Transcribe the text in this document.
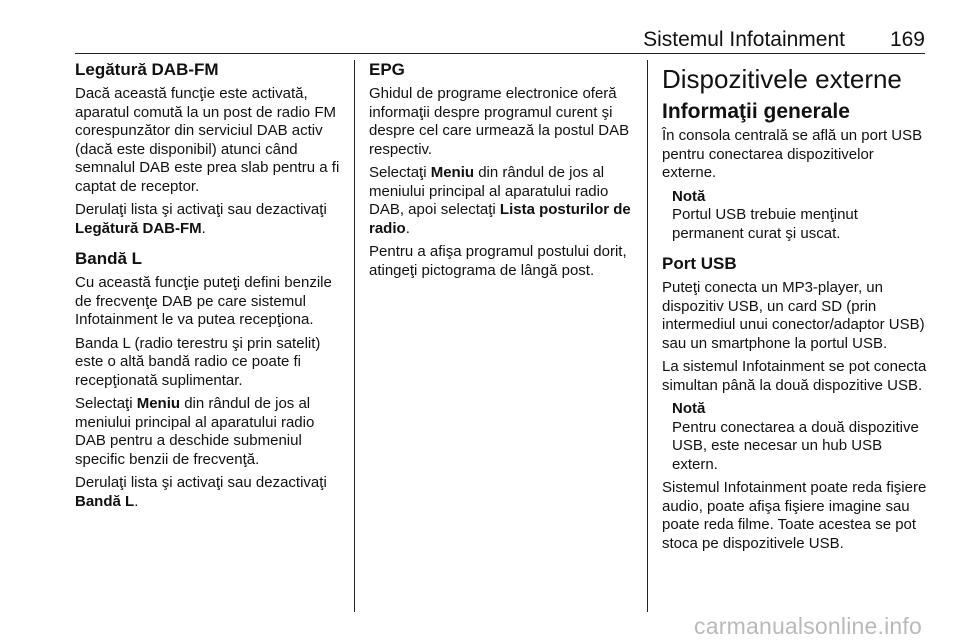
Sistemul Infotainment 169
Legătură DAB-FM

Dacă această funcţie este activată, aparatul comută la un post de radio FM corespunzător din serviciul DAB activ (dacă este disponibil) atunci când semnalul DAB este prea slab pentru a fi captat de receptor.

Derulaţi lista şi activaţi sau dezactivaţi Legătură DAB-FM.

Bandă L

Cu această funcţie puteţi defini benzile de frecvenţe DAB pe care sistemul Infotainment le va putea recepţiona.

Banda L (radio terestru şi prin satelit) este o altă bandă radio ce poate fi recepţionată suplimentar.

Selectaţi Meniu din rândul de jos al meniului principal al aparatului radio DAB pentru a deschide submeniul specific benzii de frecvenţă.

Derulaţi lista şi activaţi sau dezactivaţi Bandă L.

EPG

Ghidul de programe electronice oferă informaţii despre programul curent şi despre cel care urmează la postul DAB respectiv.

Selectaţi Meniu din rândul de jos al meniului principal al aparatului radio DAB, apoi selectaţi Lista posturilor de radio.

Pentru a afişa programul postului dorit, atingeţi pictograma de lângă post.

Dispozitivele externe
Informaţii generale

În consola centrală se află un port USB pentru conectarea dispozitivelor externe.

Notă

Portul USB trebuie menţinut permanent curat şi uscat.

Port USB

Puteţi conecta un MP3-player, un dispozitiv USB, un card SD (prin intermediul unui conector/adaptor USB) sau un smartphone la portul USB.

La sistemul Infotainment se pot conecta simultan până la două dispozitive USB.

Notă

Pentru conectarea a două dispozitive USB, este necesar un hub USB extern.

Sistemul Infotainment poate reda fişiere audio, poate afişa fişiere imagine sau poate reda filme. Toate acestea se pot stoca pe dispozitivele USB.

carmanualsonline.info
